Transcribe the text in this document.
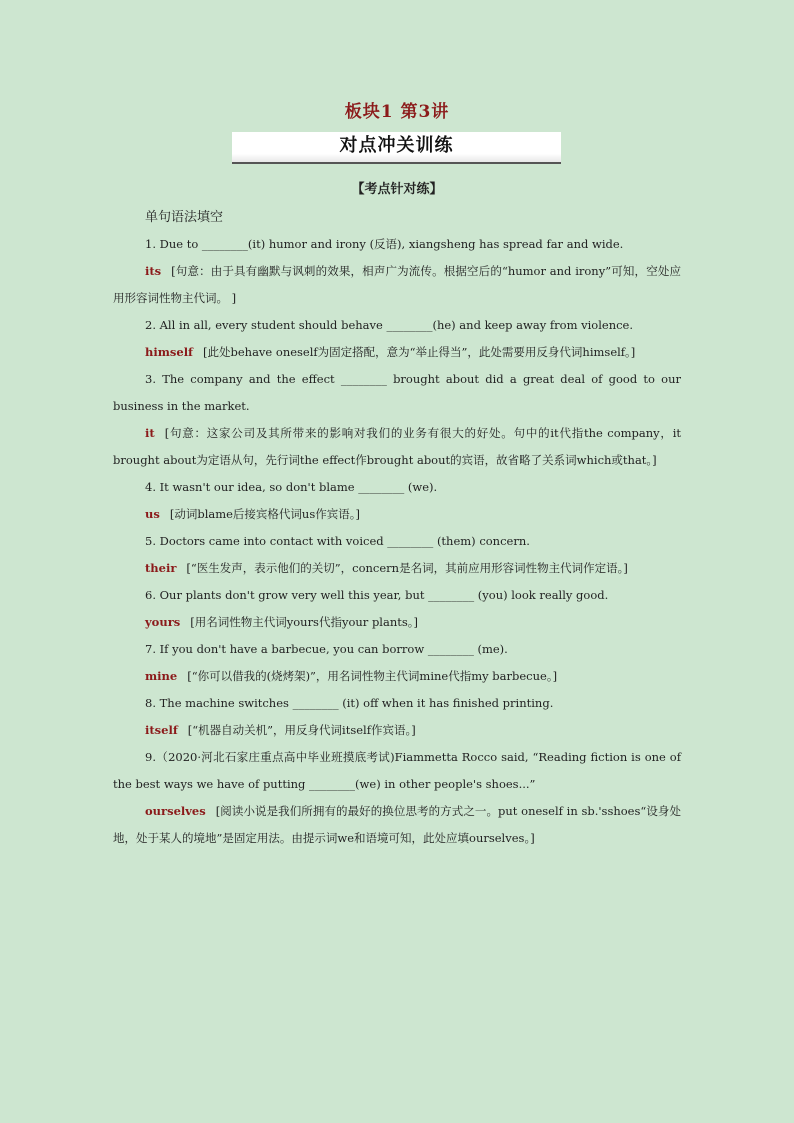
板块1 第3讲
对点冲关训练
【考点针对练】
单句语法填空

1. Due to ________(it) humor and irony (反语), xiangsheng has spread far and wide.

its [句意：由于具有幽默与讽刺的效果，相声广为流传。根据空后的“humor and irony”可知，空处应用形容词性物主代词。 ]

2. All in all, every student should behave ________(he) and keep away from violence.

himself [此处behave oneself为固定搭配，意为“举止得当”，此处需要用反身代词himself。]

3. The company and the effect ________ brought about did a great deal of good to our business in the market.

it [句意：这家公司及其所带来的影响对我们的业务有很大的好处。句中的it代指the company，it brought about为定语从句，先行词the effect作brought about的宾语，故省略了关系词which或that。]

4. It wasn't our idea, so don't blame ________ (we).

us [动词blame后接宾格代词us作宾语。]

5. Doctors came into contact with voiced ________ (them) concern.

their [“医生发声，表示他们的关切”，concern是名词，其前应用形容词性物主代词作定语。]

6. Our plants don't grow very well this year, but ________ (you) look really good.

yours [用名词性物主代词yours代指your plants。]

7. If you don't have a barbecue, you can borrow ________ (me).

mine [“你可以借我的(烧烤架)”，用名词性物主代词mine代指my barbecue。]

8. The machine switches ________ (it) off when it has finished printing.

itself [“机器自动关机”，用反身代词itself作宾语。]

9.（2020·河北石家庄重点高中毕业班摸底考试)Fiammetta Rocco said, “Reading fiction is one of the best ways we have of putting ________(we) in other people's shoes...”

ourselves [阅读小说是我们所拥有的最好的换位思考的方式之一。put oneself in sb.'sshoes“设身处地，处于某人的境地”是固定用法。由提示词we和语境可知，此处应填ourselves。]
